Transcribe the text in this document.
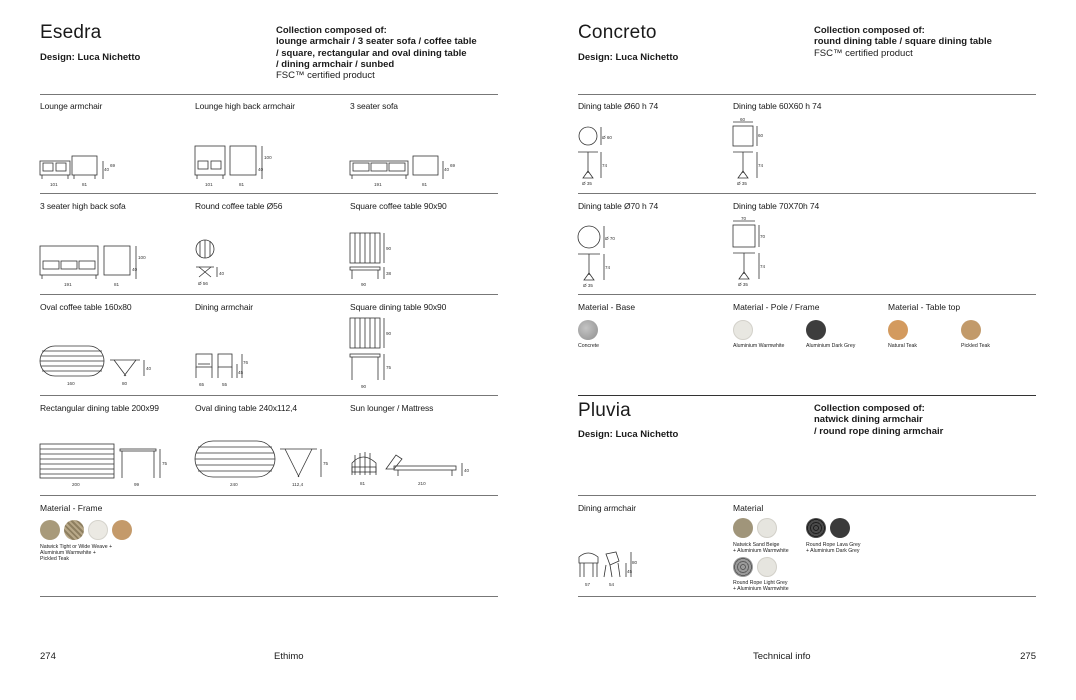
Esedra
Design: Luca Nichetto
Collection composed of:
lounge armchair / 3 seater sofa / coffee table
/ square, rectangular and oval dining table
/ dining armchair / sunbed
FSC™ certified product
Lounge armchair
101	81
40
69
Lounge high back armchair
101	81
40
100
3 seater sofa
191	81
40
69
3 seater high back sofa
191	81
40
100
Round coffee table Ø56
Ø 56
40
Square coffee table 90x90
90
90
38
Oval coffee table 160x80
160	80
40
Dining armchair
65	55
45
76
Square dining table 90x90
90
90
75
Rectangular dining table 200x99
200	99
75
Oval dining table 240x112,4
240	112,4
75
Sun lounger / Mattress
81	210
40
Material - Frame
Natwick Tight or Wide Weave +
Aluminium Warmwhite +
Pickled Teak
274	Ethimo
Concreto
Design: Luca Nichetto
Collection composed of:
round dining table / square dining table
FSC™ certified product
Dining table Ø60 h 74
Ø 60
74
Ø 35
Dining table 60X60 h 74
60
60
74
Ø 35
Dining table Ø70 h 74
Ø 70
74
Ø 35
Dining table 70X70h 74
70
70
74
Ø 35
Material - Base
Concrete
Material - Pole / Frame
Aluminium Warmwhite	Aluminium Dark Grey
Material - Table top
Natural Teak	Pickled Teak
Pluvia
Design: Luca Nichetto
Collection composed of:
natwick dining armchair
/ round rope dining armchair
Dining armchair
57	54
45
80
Material
Natwick Sand Beige
+ Aluminium Warmwhite
Round Rope Lava Grey
+ Aluminium Dark Grey
Round Rope Light Grey
+ Aluminium Warmwhite
Technical info	275
